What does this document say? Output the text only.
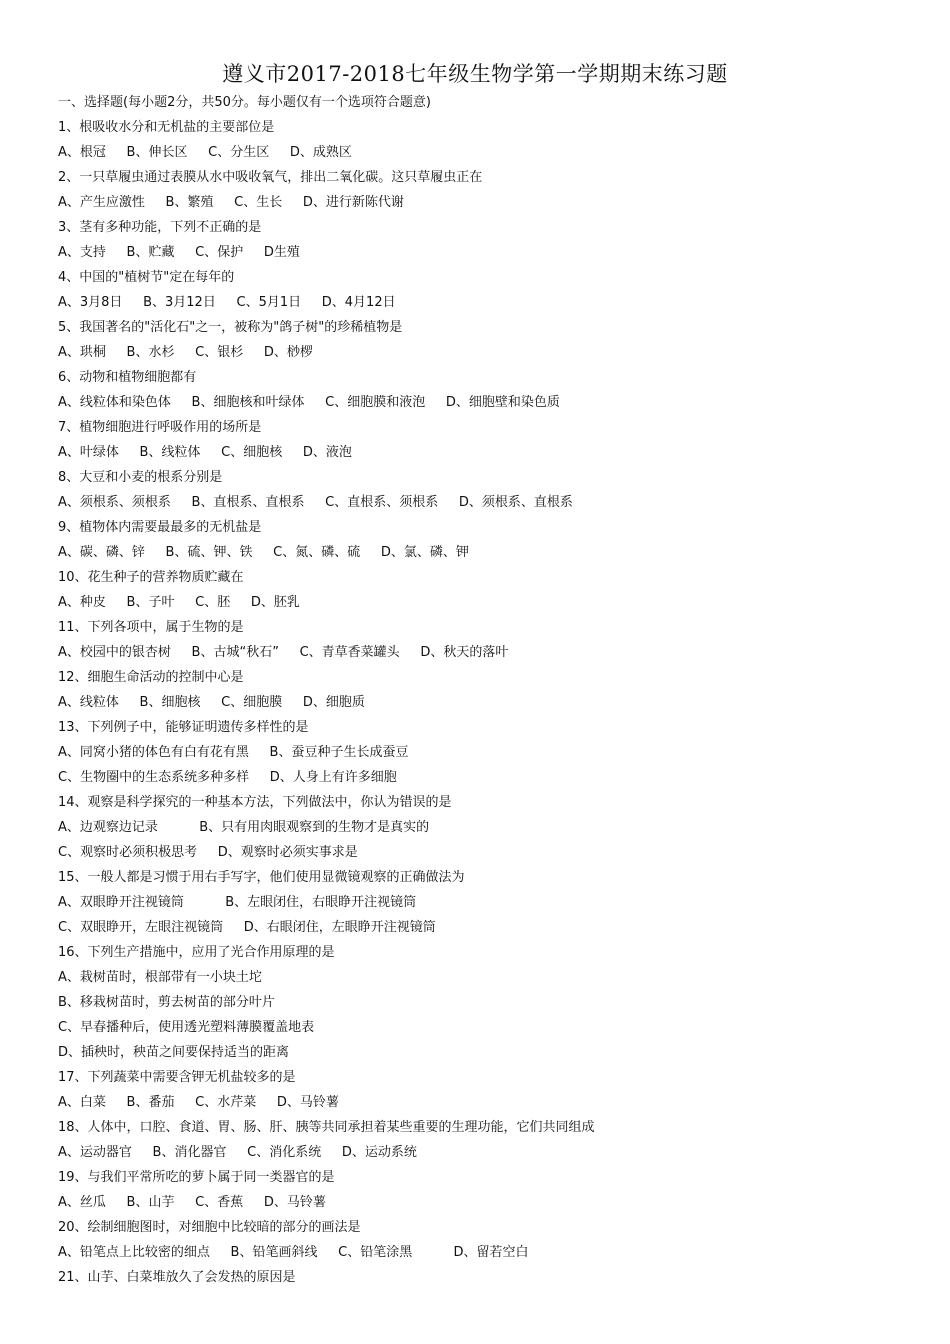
遵义市2017-2018七年级生物学第一学期期末练习题
一、选择题(每小题2分，共50分。每小题仅有一个选项符合题意)
1、根吸收水分和无机盐的主要部位是
A、根冠     B、伸长区     C、分生区     D、成熟区
2、一只草履虫通过表膜从水中吸收氧气，排出二氧化碳。这只草履虫正在
A、产生应激性     B、繁殖     C、生长     D、进行新陈代谢
3、茎有多种功能，下列不正确的是
A、支持     B、贮藏     C、保护     D生殖
4、中国的"植树节"定在每年的
A、3月8日     B、3月12日     C、5月1日     D、4月12日
5、我国著名的"活化石"之一，被称为"鸽子树"的珍稀植物是
A、珙桐     B、水杉     C、银杉     D、桫椤
6、动物和植物细胞都有
A、线粒体和染色体     B、细胞核和叶绿体     C、细胞膜和液泡     D、细胞壁和染色质
7、植物细胞进行呼吸作用的场所是
A、叶绿体     B、线粒体     C、细胞核     D、液泡
8、大豆和小麦的根系分别是
A、须根系、须根系     B、直根系、直根系     C、直根系、须根系     D、须根系、直根系
9、植物体内需要最最多的无机盐是
A、碳、磷、锌     B、硫、钾、铁     C、氮、磷、硫     D、氯、磷、钾
10、花生种子的营养物质贮藏在
A、种皮     B、子叶     C、胚     D、胚乳
11、下列各项中，属于生物的是
A、校园中的银杏树     B、古城“秋石”     C、青草香菜罐头     D、秋天的落叶
12、细胞生命活动的控制中心是
A、线粒体     B、细胞核     C、细胞膜     D、细胞质
13、下列例子中，能够证明遗传多样性的是
A、同窝小猪的体色有白有花有黑     B、蚕豆种子生长成蚕豆
C、生物圈中的生态系统多种多样     D、人身上有许多细胞
14、观察是科学探究的一种基本方法，下列做法中，你认为错误的是
A、边观察边记录          B、只有用肉眼观察到的生物才是真实的
C、观察时必须积极思考     D、观察时必须实事求是
15、一般人都是习惯于用右手写字，他们使用显微镜观察的正确做法为
A、双眼睁开注视镜筒          B、左眼闭住，右眼睁开注视镜筒
C、双眼睁开，左眼注视镜筒     D、右眼闭住，左眼睁开注视镜筒
16、下列生产措施中，应用了光合作用原理的是
A、栽树苗时，根部带有一小块土坨
B、移栽树苗时，剪去树苗的部分叶片
C、早春播种后，使用透光塑料薄膜覆盖地表
D、插秧时，秧苗之间要保持适当的距离
17、下列蔬菜中需要含钾无机盐较多的是
A、白菜     B、番茄     C、水芹菜     D、马铃薯
18、人体中，口腔、食道、胃、肠、肝、胰等共同承担着某些重要的生理功能，它们共同组成
A、运动器官     B、消化器官     C、消化系统     D、运动系统
19、与我们平常所吃的萝卜属于同一类器官的是
A、丝瓜     B、山芋     C、香蕉     D、马铃薯
20、绘制细胞图时，对细胞中比较暗的部分的画法是
A、铅笔点上比较密的细点     B、铅笔画斜线     C、铅笔涂黑          D、留若空白
21、山芋、白菜堆放久了会发热的原因是
